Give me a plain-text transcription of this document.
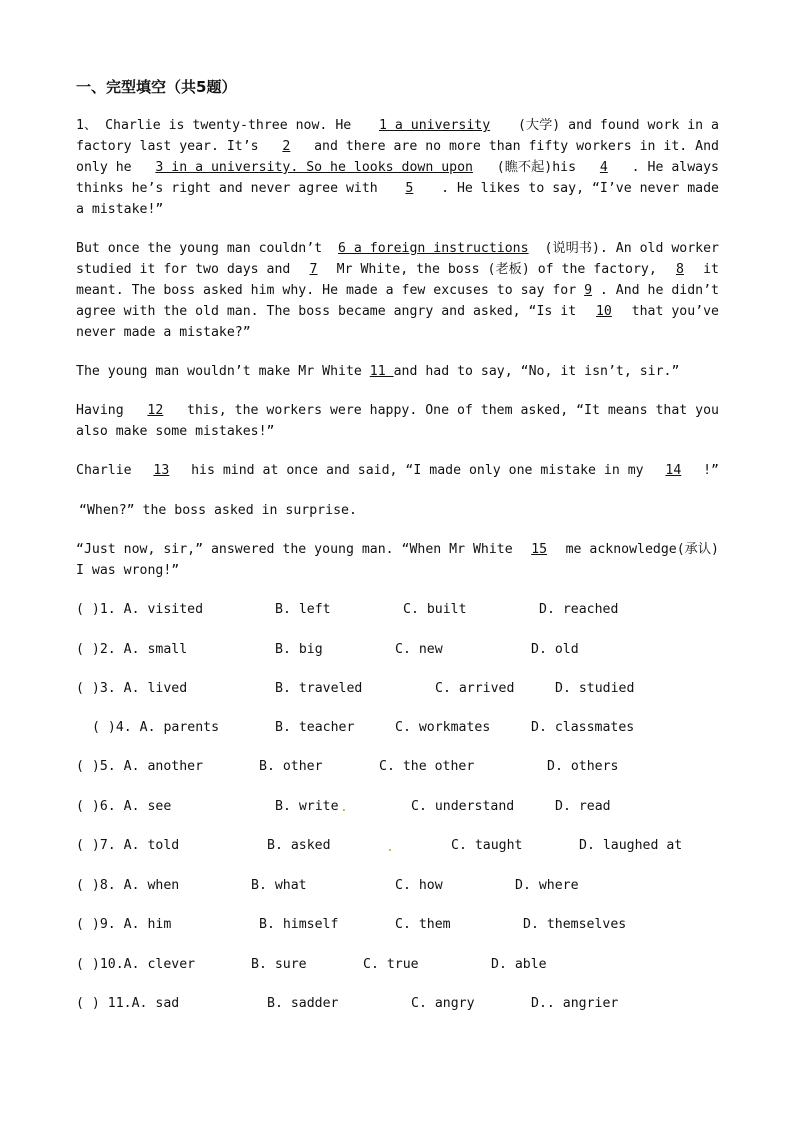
一、完型填空（共5题）
1、 Charlie is twenty-three now. He 1 a university (大学) and found work in a
factory last year. It’s 2 and there are no more than fifty workers in it. And
only he 3 in a university. So he looks down upon (瞧不起)his 4 . He always
thinks he’s right and never agree with 5 . He likes to say, “I’ve never made
a mistake!”
But once the young man couldn’t 6 a foreign instructions (说明书). An old worker
studied it for two days and 7 Mr White, the boss (老板) of the factory, 8 it
meant. The boss asked him why. He made a few excuses to say for 9 . And he didn’t
agree with the old man. The boss became angry and asked, “Is it 10 that you’ve
never made a mistake?”
The young man wouldn’t make Mr White 11 and had to say, “No, it isn’t, sir.”
Having 12 this, the workers were happy. One of them asked, “It means that you
also make some mistakes!”
Charlie 13 his mind at once and said, “I made only one mistake in my 14 !”
“When?” the boss asked in surprise.
“Just now, sir,” answered the young man. “When Mr White 15 me acknowledge(承认)
I was wrong!”
( )1. A. visited	B. left	C. built	D. reached
( )2. A. small	B. big	C. new	D. old
( )3. A. lived	B. traveled	C. arrived	D. studied
( )4. A. parents	B. teacher	C. workmates	D. classmates
( )5. A. another	B. other	C. the other	D. others
( )6. A. see	B. write	C. understand	D. read
( )7. A. told	B. asked	C. taught	D. laughed at
( )8. A. when	B. what	C. how	D. where
( )9. A. him	B. himself	C. them	D. themselves
( )10.A. clever	B. sure	C. true	D. able
( ) 11.A. sad	B. sadder	C. angry	D.. angrier
.
.
